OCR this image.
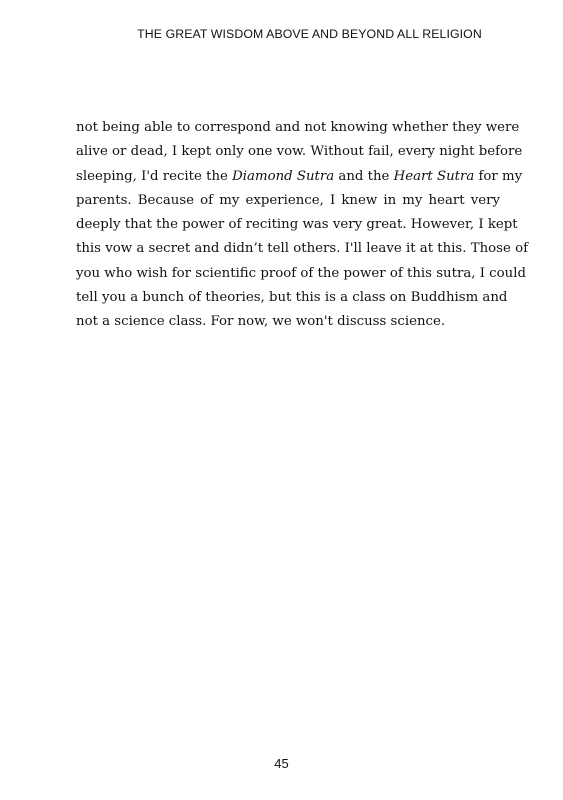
THE GREAT WISDOM ABOVE AND BEYOND ALL RELIGION
not being able to correspond and not knowing whether they were
alive or dead, I kept only one vow. Without fail, every night before
sleeping, I'd recite the Diamond Sutra and the Heart Sutra for my
parents. Because of my experience, I knew in my heart very
deeply that the power of reciting was very great. However, I kept
this vow a secret and didn’t tell others. I'll leave it at this. Those of
you who wish for scientific proof of the power of this sutra, I could
tell you a bunch of theories, but this is a class on Buddhism and
not a science class. For now, we won't discuss science.
45
